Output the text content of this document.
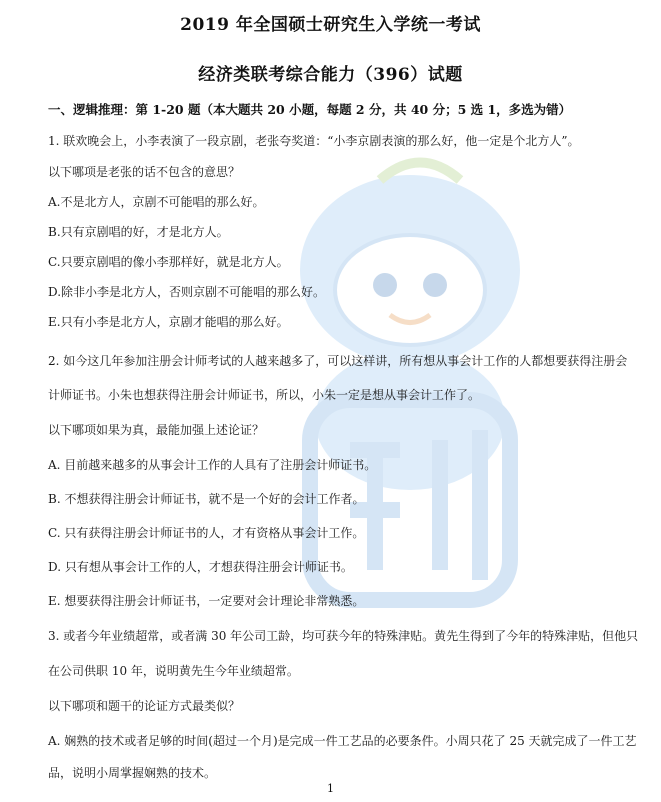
2019 年全国硕士研究生入学统一考试
经济类联考综合能力（396）试题
一、逻辑推理：第 1-20 题（本大题共 20 小题，每题 2 分，共 40 分；5 选 1，多选为错）
1. 联欢晚会上，小李表演了一段京剧，老张夸奖道：“小李京剧表演的那么好，他一定是个北方人”。
以下哪项是老张的话不包含的意思？
A.不是北方人，京剧不可能唱的那么好。
B.只有京剧唱的好，才是北方人。
C.只要京剧唱的像小李那样好，就是北方人。
D.除非小李是北方人，否则京剧不可能唱的那么好。
E.只有小李是北方人，京剧才能唱的那么好。
2. 如今这几年参加注册会计师考试的人越来越多了，可以这样讲，所有想从事会计工作的人都想要获得注册会
计师证书。小朱也想获得注册会计师证书，所以，小朱一定是想从事会计工作了。
以下哪项如果为真，最能加强上述论证？
A. 目前越来越多的从事会计工作的人具有了注册会计师证书。
B. 不想获得注册会计师证书，就不是一个好的会计工作者。
C. 只有获得注册会计师证书的人，才有资格从事会计工作。
D. 只有想从事会计工作的人，才想获得注册会计师证书。
E. 想要获得注册会计师证书，一定要对会计理论非常熟悉。
3. 或者今年业绩超常，或者满 30 年公司工龄，均可获今年的特殊津贴。黄先生得到了今年的特殊津贴，但他只
在公司供职 10 年，说明黄先生今年业绩超常。
以下哪项和题干的论证方式最类似？
A. 娴熟的技术或者足够的时间(超过一个月)是完成一件工艺品的必要条件。小周只花了 25 天就完成了一件工艺
品，说明小周掌握娴熟的技术。
1
